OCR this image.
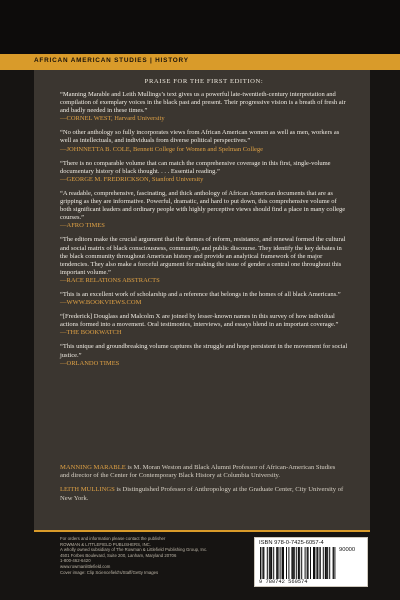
AFRICAN AMERICAN STUDIES | HISTORY
PRAISE FOR THE FIRST EDITION:

“Manning Marable and Leith Mullings’s text gives us a powerful late-twentieth-century interpretation and compilation of exemplary voices in the black past and present. Their progressive vision is a breath of fresh air and badly needed in these times.”

—CORNEL WEST, Harvard University

“No other anthology so fully incorporates views from African American women as well as men, workers as well as intellectuals, and individuals from diverse political perspectives.”

—JOHNNETTA B. COLE, Bennett College for Women and Spelman College

“There is no comparable volume that can match the comprehensive coverage in this first, single-volume documentary history of black thought. . . . Essential reading.”

—GEORGE M. FREDRICKSON, Stanford University

“A readable, comprehensive, fascinating, and thick anthology of African American documents that are as gripping as they are informative. Powerful, dramatic, and hard to put down, this comprehensive volume of both significant leaders and ordinary people with highly perceptive views should find a place in many college courses.”

—AFRO TIMES

“The editors make the crucial argument that the themes of reform, resistance, and renewal formed the cultural and social matrix of black consciousness, community, and public discourse. They identify the key debates in the black community throughout American history and provide an analytical framework of the major tendencies. They also make a forceful argument for making the issue of gender a central one throughout this important volume.”

—RACE RELATIONS ABSTRACTS

“This is an excellent work of scholarship and a reference that belongs in the homes of all black Americans.”

—WWW.BOOKVIEWS.COM

“[Frederick] Douglass and Malcolm X are joined by lesser-known names in this survey of how individual actions formed into a movement. Oral testimonies, interviews, and essays blend in an important coverage.”

—THE BOOKWATCH

“This unique and groundbreaking volume captures the struggle and hope persistent in the movement for social justice.”

—ORLANDO TIMES

MANNING MARABLE is M. Moran Weston and Black Alumni Professor of African-American Studies and director of the Center for Contemporary Black History at Columbia University.

LEITH MULLINGS is Distinguished Professor of Anthropology at the Graduate Center, City University of New York.

For orders and information please contact the publisher
ROWMAN & LITTLEFIELD PUBLISHERS, INC.
A wholly owned subsidiary of The Rowman & Littlefield Publishing Group, Inc.
4501 Forbes Boulevard, Suite 200, Lanham, Maryland 20706
1-800-462-6420
www.rowmanlittlefield.com
Cover image: Clip Sciencefield's/Staff/Getty Images
ISBN 978-0-7425-6057-4
90000
9 780742 560574
